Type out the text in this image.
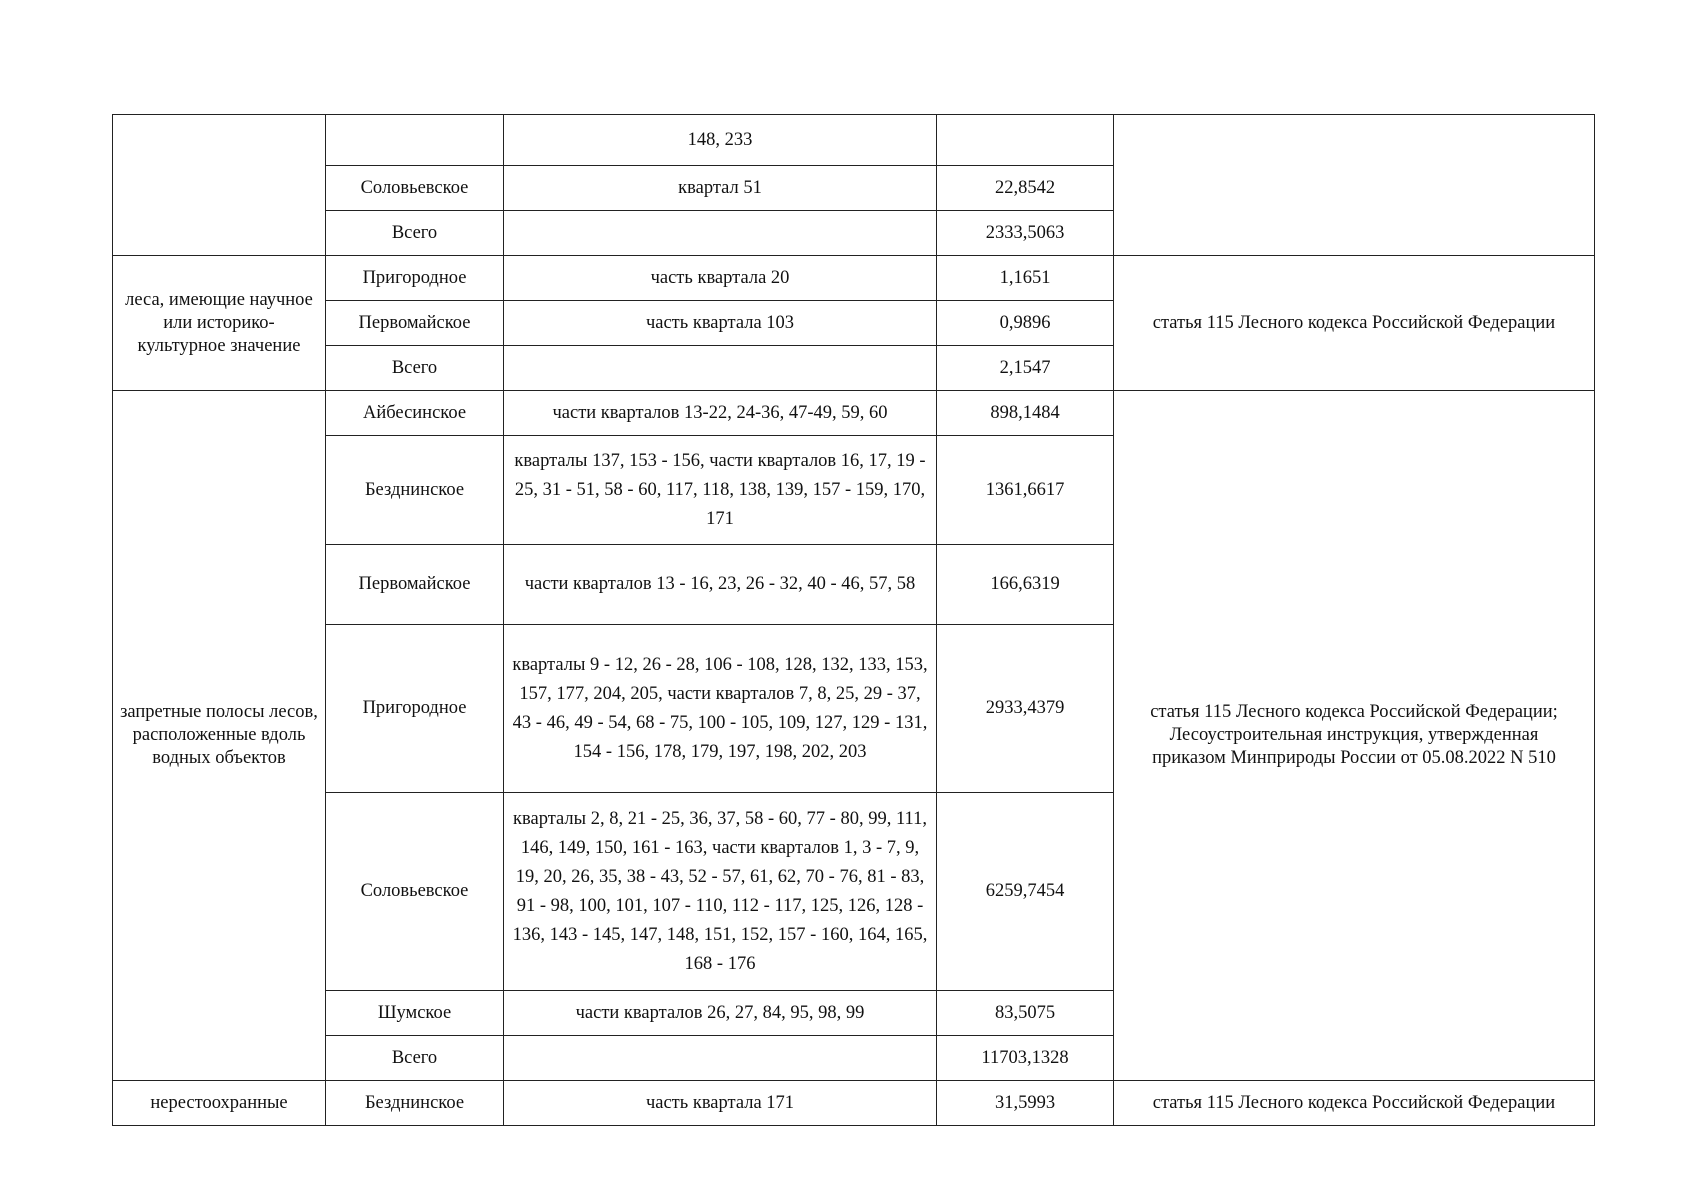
		148, 233		
	Соловьевское	квартал 51	22,8542	
	Всего		2333,5063	
леса, имеющие научное или историко-культурное значение	Пригородное	часть квартала 20	1,1651	статья 115 Лесного кодекса Российской Федерации

	Первомайское	часть квартала 103	0,9896	
	Всего		2,1547	
запретные полосы лесов, расположенные вдоль водных объектов	Айбесинское	части кварталов 13-22, 24-36, 47-49, 59, 60	898,1484	статья 115 Лесного кодекса Российской Федерации;
Лесоустроительная инструкция, утвержденная
приказом Минприроды России от 05.08.2022 N 510

	Безднинское	кварталы 137, 153 - 156, части кварталов 16, 17, 19 - 25, 31 - 51, 58 - 60, 117, 118, 138, 139, 157 - 159, 170, 171	1361,6617	
	Первомайское	части кварталов 13 - 16, 23, 26 - 32, 40 - 46, 57, 58	166,6319	
	Пригородное	кварталы 9 - 12, 26 - 28, 106 - 108, 128, 132, 133, 153, 157, 177, 204, 205, части кварталов 7, 8, 25, 29 - 37, 43 - 46, 49 - 54, 68 - 75, 100 - 105, 109, 127, 129 - 131, 154 - 156, 178, 179, 197, 198, 202, 203	2933,4379	
	Соловьевское	кварталы 2, 8, 21 - 25, 36, 37, 58 - 60, 77 - 80, 99, 111, 146, 149, 150, 161 - 163, части кварталов 1, 3 - 7, 9, 19, 20, 26, 35, 38 - 43, 52 - 57, 61, 62, 70 - 76, 81 - 83, 91 - 98, 100, 101, 107 - 110, 112 - 117, 125, 126, 128 - 136, 143 - 145, 147, 148, 151, 152, 157 - 160, 164, 165, 168 - 176	6259,7454	
	Шумское	части кварталов 26, 27, 84, 95, 98, 99	83,5075	
	Всего		11703,1328	
нерестоохранные	Безднинское	часть квартала 171	31,5993	статья 115 Лесного кодекса Российской Федерации
